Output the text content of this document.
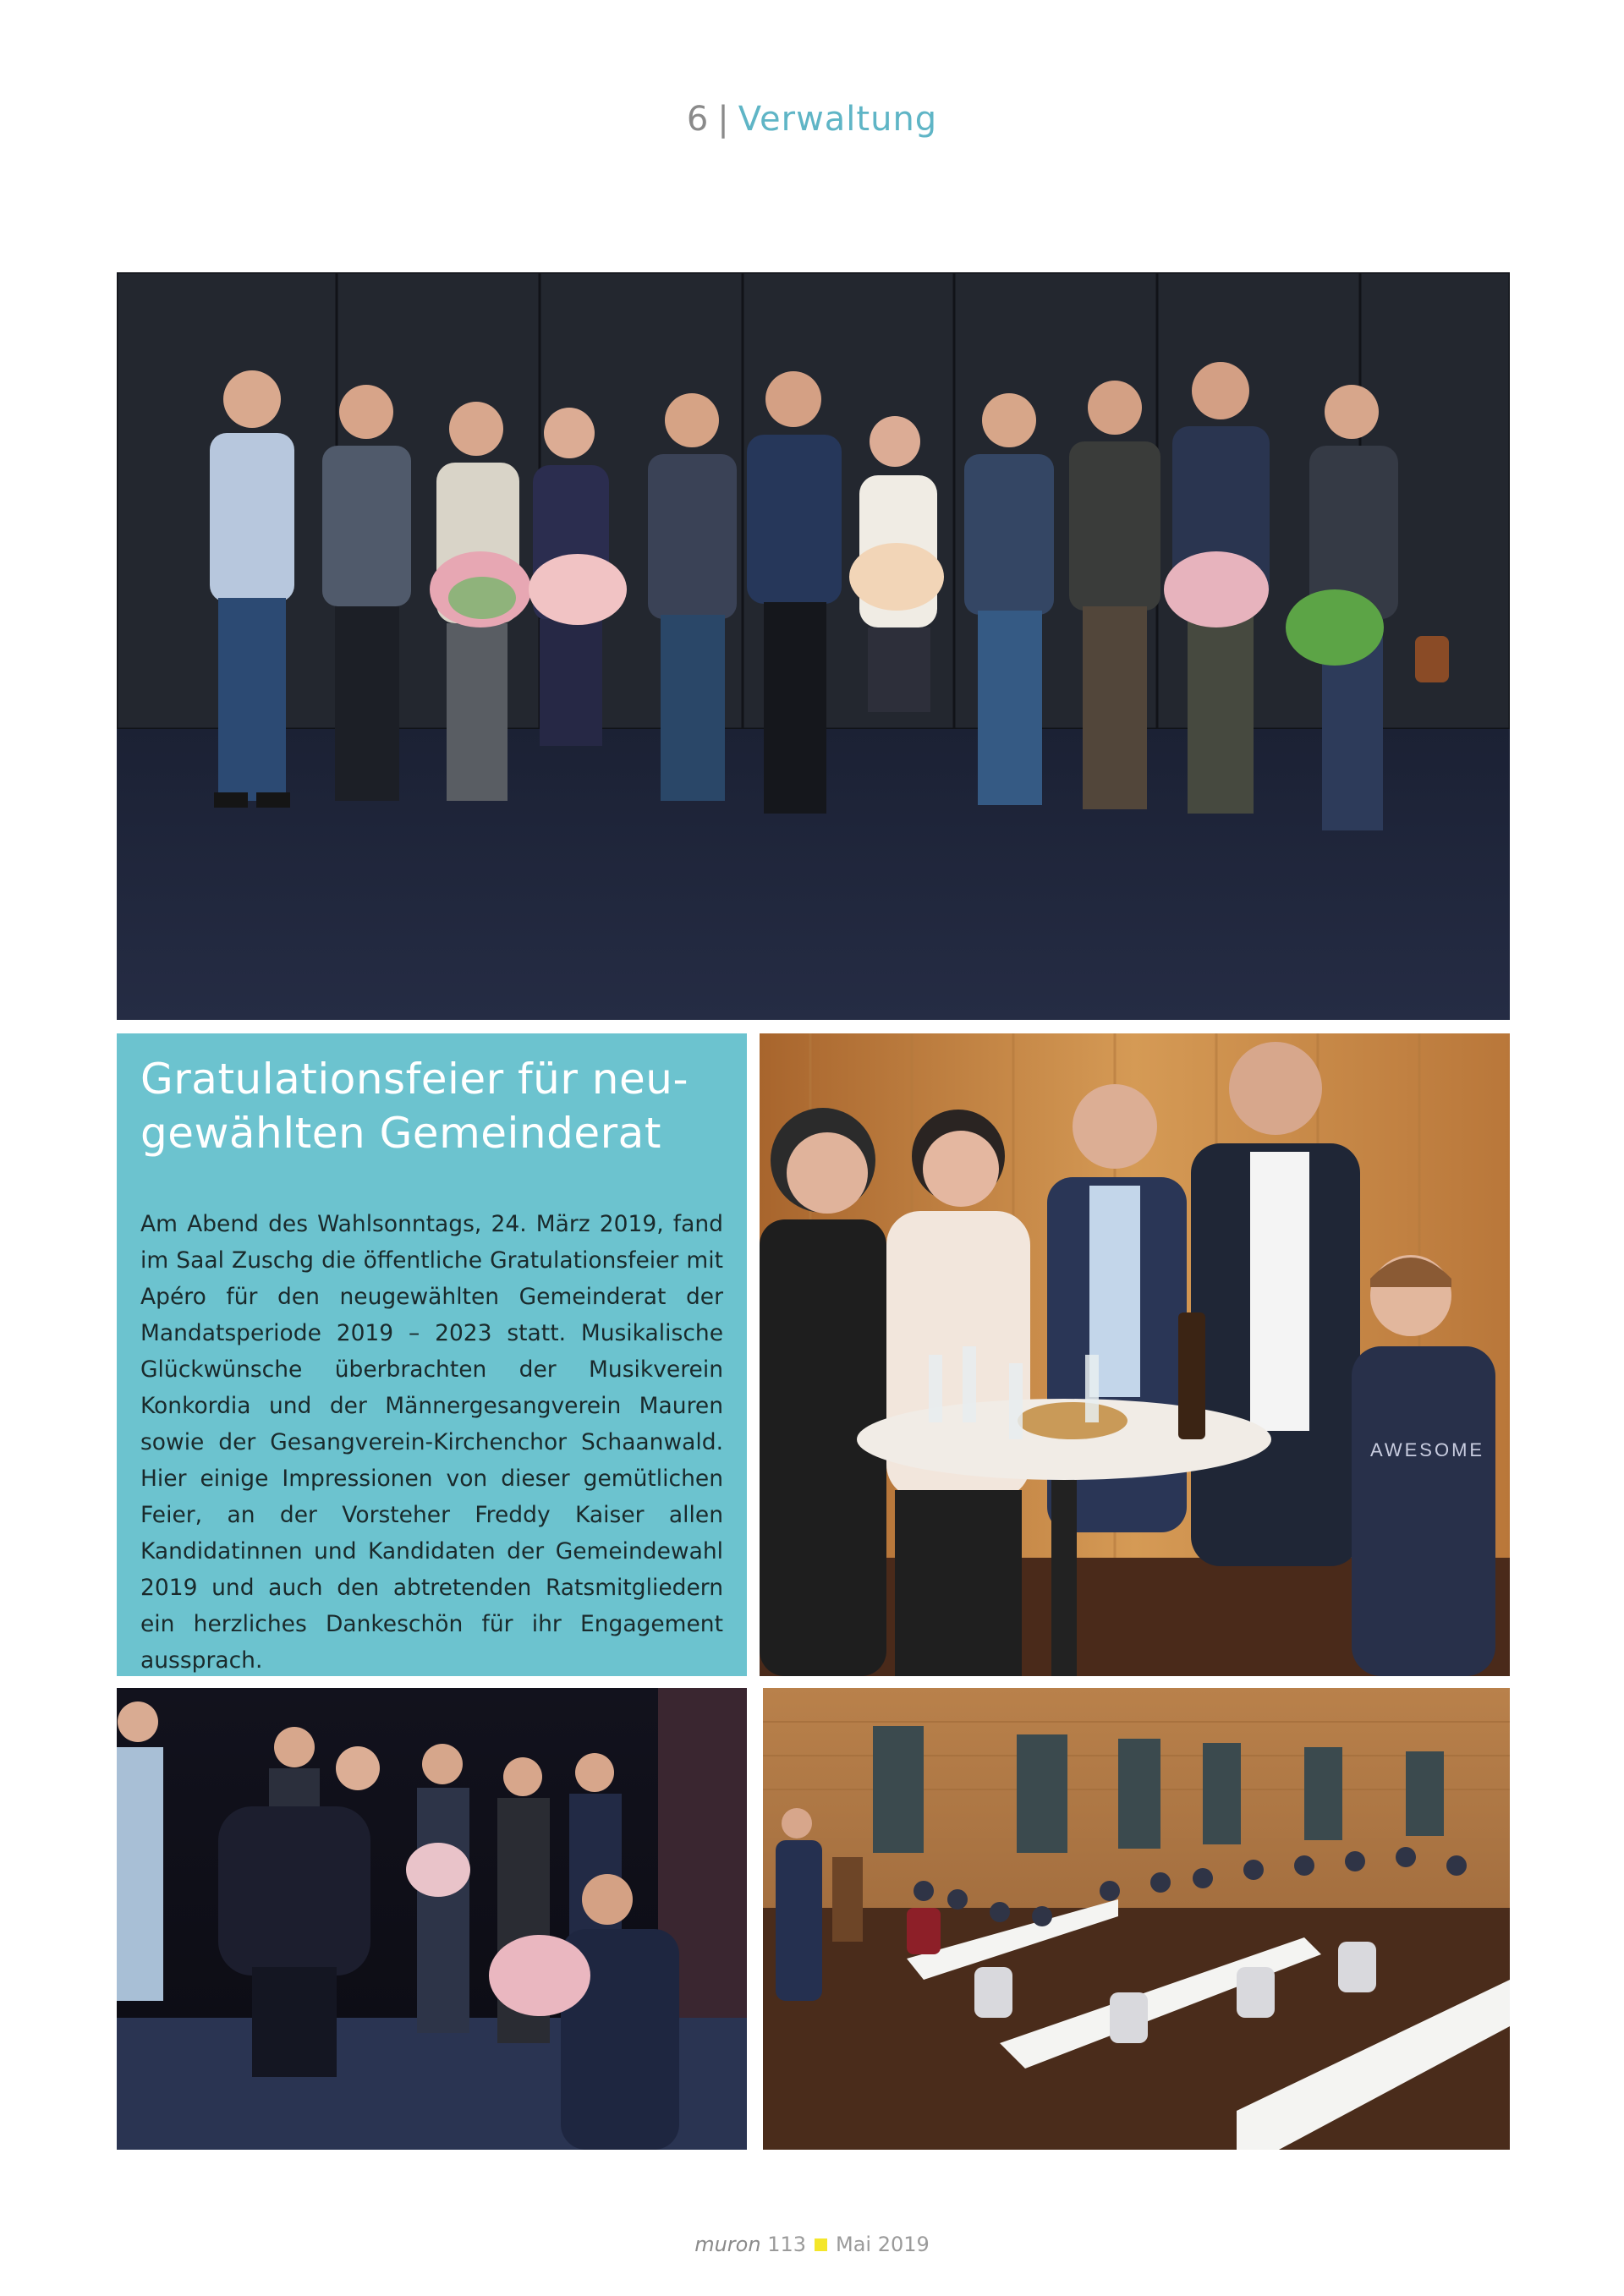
6 | Verwaltung
Gratulationsfeier für neu-
gewählten Gemeinderat

Am Abend des Wahlsonntags, 24. März 2019, fand im Saal Zuschg die öffentliche Gratulationsfeier mit Apéro für den neugewählten Gemeinderat der Mandatsperiode 2019 – 2023 statt. Musikalische Glückwünsche überbrachten der Musikverein Konkordia und der Männergesangverein Mauren sowie der Gesangverein-Kirchenchor Schaanwald. Hier einige Impressionen von dieser gemütlichen Feier, an der Vorsteher Freddy Kaiser allen Kandidatinnen und Kandidaten der Gemeindewahl 2019 und auch den abtretenden Ratsmitgliedern ein herzliches Dankeschön für ihr Engagement aussprach.

AWESOME
muron 113 Mai 2019
